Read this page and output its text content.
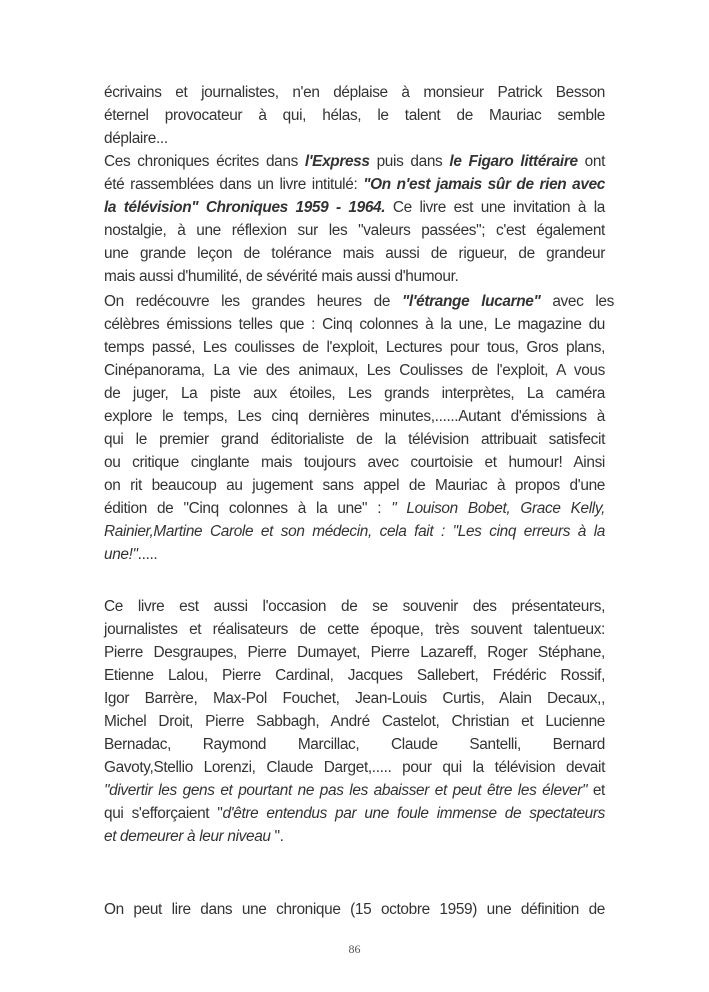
écrivains et journalistes, n'en déplaise à monsieur Patrick Besson
éternel provocateur à qui, hélas, le talent de Mauriac semble
déplaire...
Ces chroniques écrites dans l'Express puis dans le Figaro littéraire ont
été rassemblées dans un livre intitulé: "On n'est jamais sûr de rien avec
la télévision" Chroniques 1959 - 1964. Ce livre est une invitation à la
nostalgie, à une réflexion sur les "valeurs passées"; c'est également
une grande leçon de tolérance mais aussi de rigueur, de grandeur
mais aussi d'humilité, de sévérité mais aussi d'humour.
On redécouvre les grandes heures de "l'étrange lucarne" avec les
célèbres émissions telles que : Cinq colonnes à la une, Le magazine du
temps passé, Les coulisses de l'exploit, Lectures pour tous, Gros plans,
Cinépanorama, La vie des animaux, Les Coulisses de l'exploit, A vous
de juger, La piste aux étoiles, Les grands interprètes, La caméra
explore le temps, Les cinq dernières minutes,......Autant d'émissions à
qui le premier grand éditorialiste de la télévision attribuait satisfecit
ou critique cinglante mais toujours avec courtoisie et humour! Ainsi
on rit beaucoup au jugement sans appel de Mauriac à propos d'une
édition de "Cinq colonnes à la une" : " Louison Bobet, Grace Kelly,
Rainier,Martine Carole et son médecin, cela fait : "Les cinq erreurs à la
une!".....
Ce livre est aussi l'occasion de se souvenir des présentateurs,
journalistes et réalisateurs de cette époque, très souvent talentueux:
Pierre Desgraupes, Pierre Dumayet, Pierre Lazareff, Roger Stéphane,
Etienne Lalou, Pierre Cardinal, Jacques Sallebert, Frédéric Rossif,
Igor Barrère, Max-Pol Fouchet, Jean-Louis Curtis, Alain Decaux,,
Michel Droit, Pierre Sabbagh, André Castelot, Christian et Lucienne
Bernadac, Raymond Marcillac, Claude Santelli, Bernard
Gavoty,Stellio Lorenzi, Claude Darget,..... pour qui la télévision devait
"divertir les gens et pourtant ne pas les abaisser et peut être les élever" et
qui s'efforçaient "d'être entendus par une foule immense de spectateurs
et demeurer à leur niveau ".
On peut lire dans une chronique (15 octobre 1959) une définition de
86
